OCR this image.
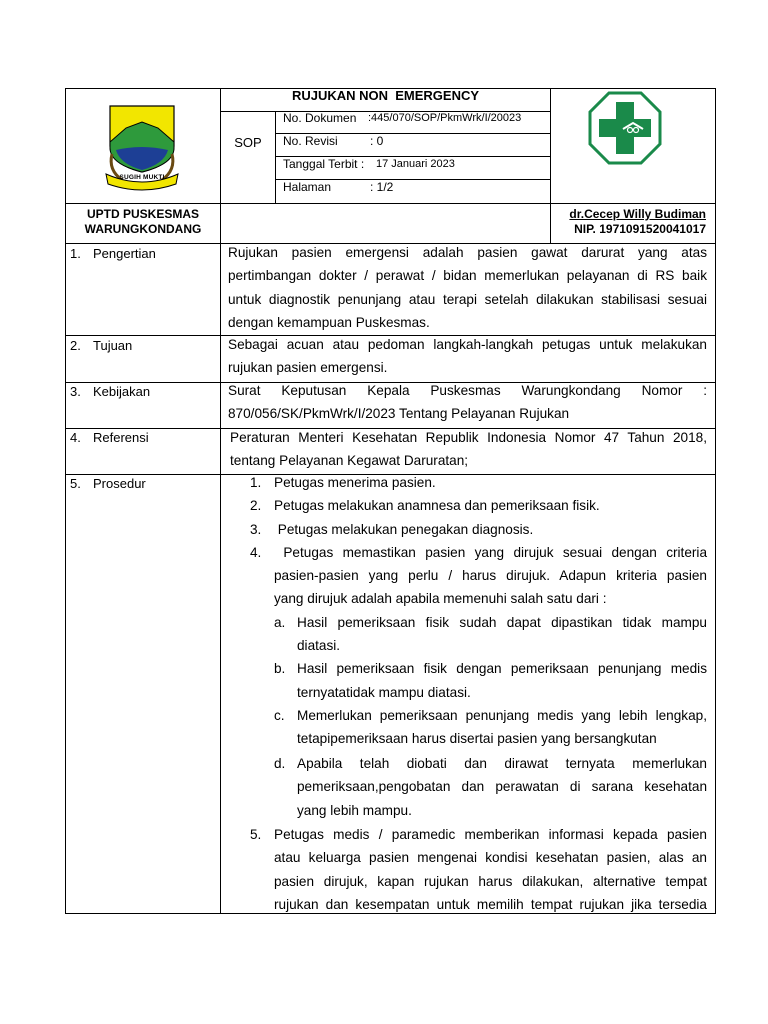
SUGIH MUKTI
RUJUKAN NON  EMERGENCY
SOP
No. Dokumen :445/070/SOP/PkmWrk/I/20023
No. Revisi	: 0
Tanggal Terbit : 17 Januari 2023
Halaman	: 1/2
UPTD PUSKESMAS
WARUNGKONDANG
dr.Cecep Willy Budiman
NIP. 1971091520041017
1. Pengertian
2. Tujuan
3. Kebijakan
4. Referensi
5. Prosedur
Rujukan pasien emergensi adalah pasien gawat darurat yang atas
pertimbangan dokter / perawat / bidan memerlukan pelayanan di RS baik
untuk diagnostik penunjang atau terapi setelah dilakukan stabilisasi sesuai
dengan kemampuan Puskesmas.
Sebagai acuan atau pedoman langkah-langkah petugas untuk melakukan
rujukan pasien emergensi.
Surat Keputusan Kepala Puskesmas Warungkondang Nomor :
870/056/SK/PkmWrk/I/2023 Tentang Pelayanan Rujukan
Peraturan Menteri Kesehatan Republik Indonesia Nomor 47 Tahun 2018,
tentang Pelayanan Kegawat Daruratan;
1. Petugas menerima pasien.
2. Petugas melakukan anamnesa dan pemeriksaan fisik.
3. Petugas melakukan penegakan diagnosis.
4. Petugas memastikan pasien yang dirujuk sesuai dengan criteria
pasien-pasien yang perlu / harus dirujuk. Adapun kriteria pasien
yang dirujuk adalah apabila memenuhi salah satu dari :
a. Hasil pemeriksaan fisik sudah dapat dipastikan tidak mampu
diatasi.
b. Hasil pemeriksaan fisik dengan pemeriksaan penunjang medis
ternyatatidak mampu diatasi.
c. Memerlukan pemeriksaan penunjang medis yang lebih lengkap,
tetapipemeriksaan harus disertai pasien yang bersangkutan
d. Apabila telah diobati dan dirawat ternyata memerlukan
pemeriksaan,pengobatan dan perawatan di sarana kesehatan
yang lebih mampu.
5. Petugas medis / paramedic memberikan informasi kepada pasien
atau keluarga pasien mengenai kondisi kesehatan pasien, alas an
pasien dirujuk, kapan rujukan harus dilakukan, alternative tempat
rujukan dan kesempatan untuk memilih tempat rujukan jika tersedia
